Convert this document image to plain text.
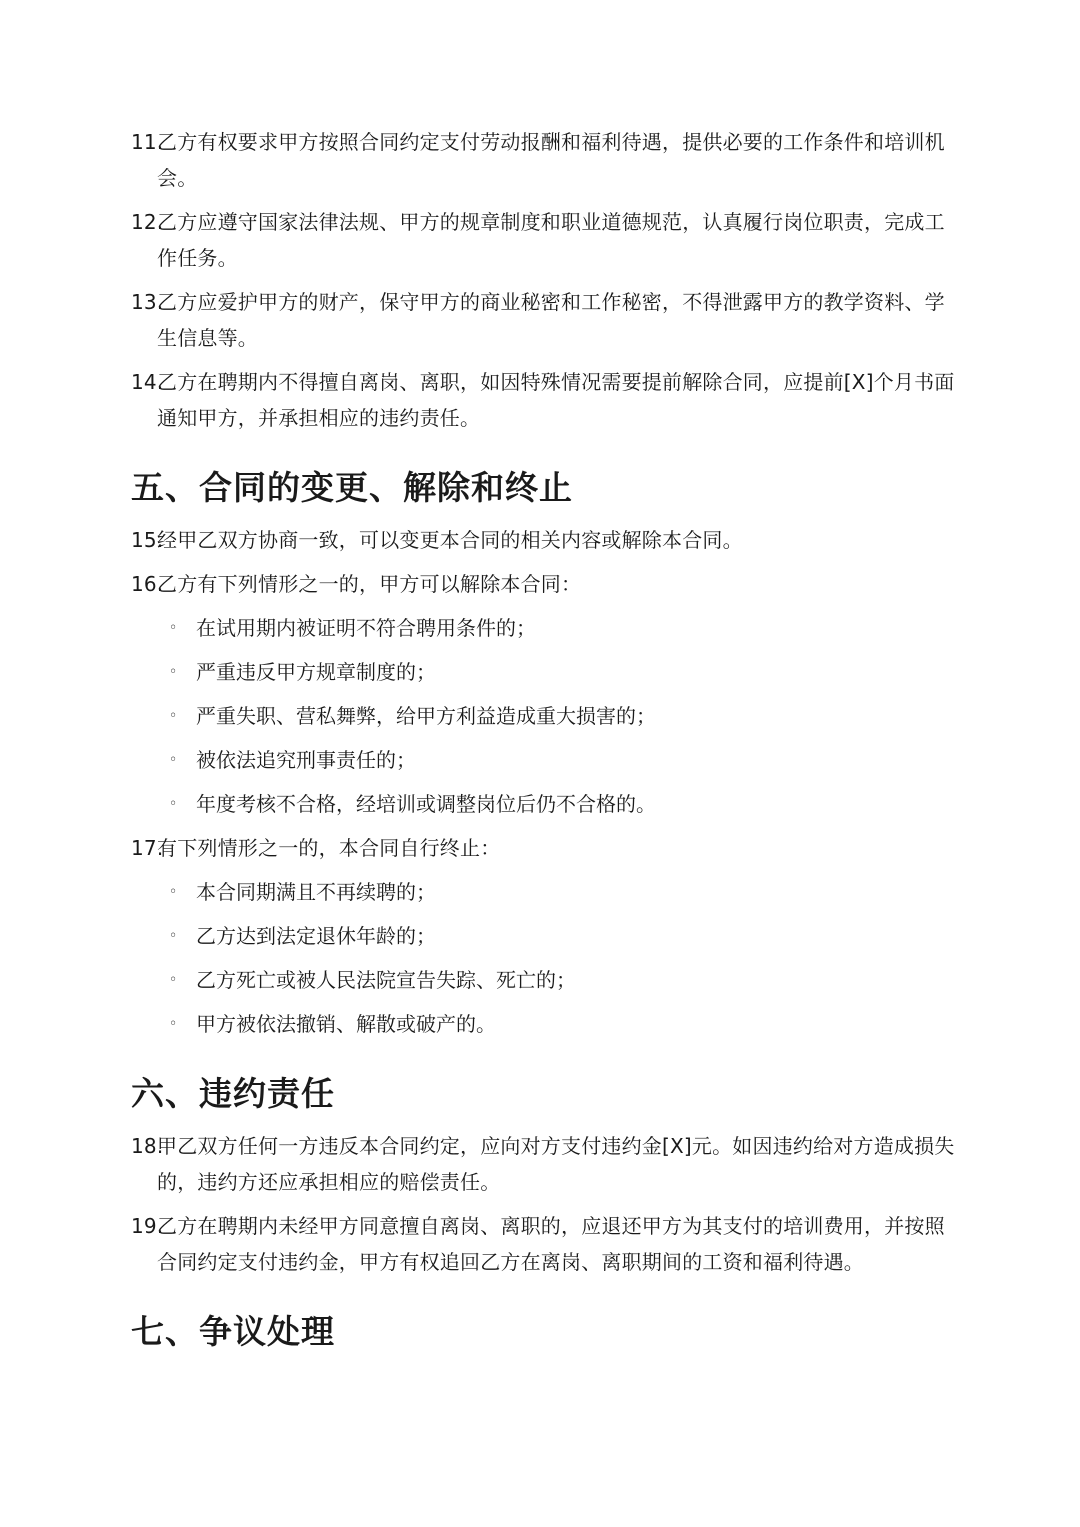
11.
乙方有权要求甲方按照合同约定支付劳动报酬和福利待遇，提供必要的工作条件和培训机会。
12.
乙方应遵守国家法律法规、甲方的规章制度和职业道德规范，认真履行岗位职责，完成工作任务。
13.
乙方应爱护甲方的财产，保守甲方的商业秘密和工作秘密，不得泄露甲方的教学资料、学生信息等。
14.
乙方在聘期内不得擅自离岗、离职，如因特殊情况需要提前解除合同，应提前[X]个月书面通知甲方，并承担相应的违约责任。
五、合同的变更、解除和终止
15.
经甲乙双方协商一致，可以变更本合同的相关内容或解除本合同。
16.
乙方有下列情形之一的，甲方可以解除本合同：
◦ 在试用期内被证明不符合聘用条件的；
◦ 严重违反甲方规章制度的；
◦ 严重失职、营私舞弊，给甲方利益造成重大损害的；
◦ 被依法追究刑事责任的；
◦ 年度考核不合格，经培训或调整岗位后仍不合格的。
17.
有下列情形之一的，本合同自行终止：
◦ 本合同期满且不再续聘的；
◦ 乙方达到法定退休年龄的；
◦ 乙方死亡或被人民法院宣告失踪、死亡的；
◦ 甲方被依法撤销、解散或破产的。
六、违约责任
18.
甲乙双方任何一方违反本合同约定，应向对方支付违约金[X]元。如因违约给对方造成损失的，违约方还应承担相应的赔偿责任。
19.
乙方在聘期内未经甲方同意擅自离岗、离职的，应退还甲方为其支付的培训费用，并按照合同约定支付违约金，甲方有权追回乙方在离岗、离职期间的工资和福利待遇。
七、争议处理
